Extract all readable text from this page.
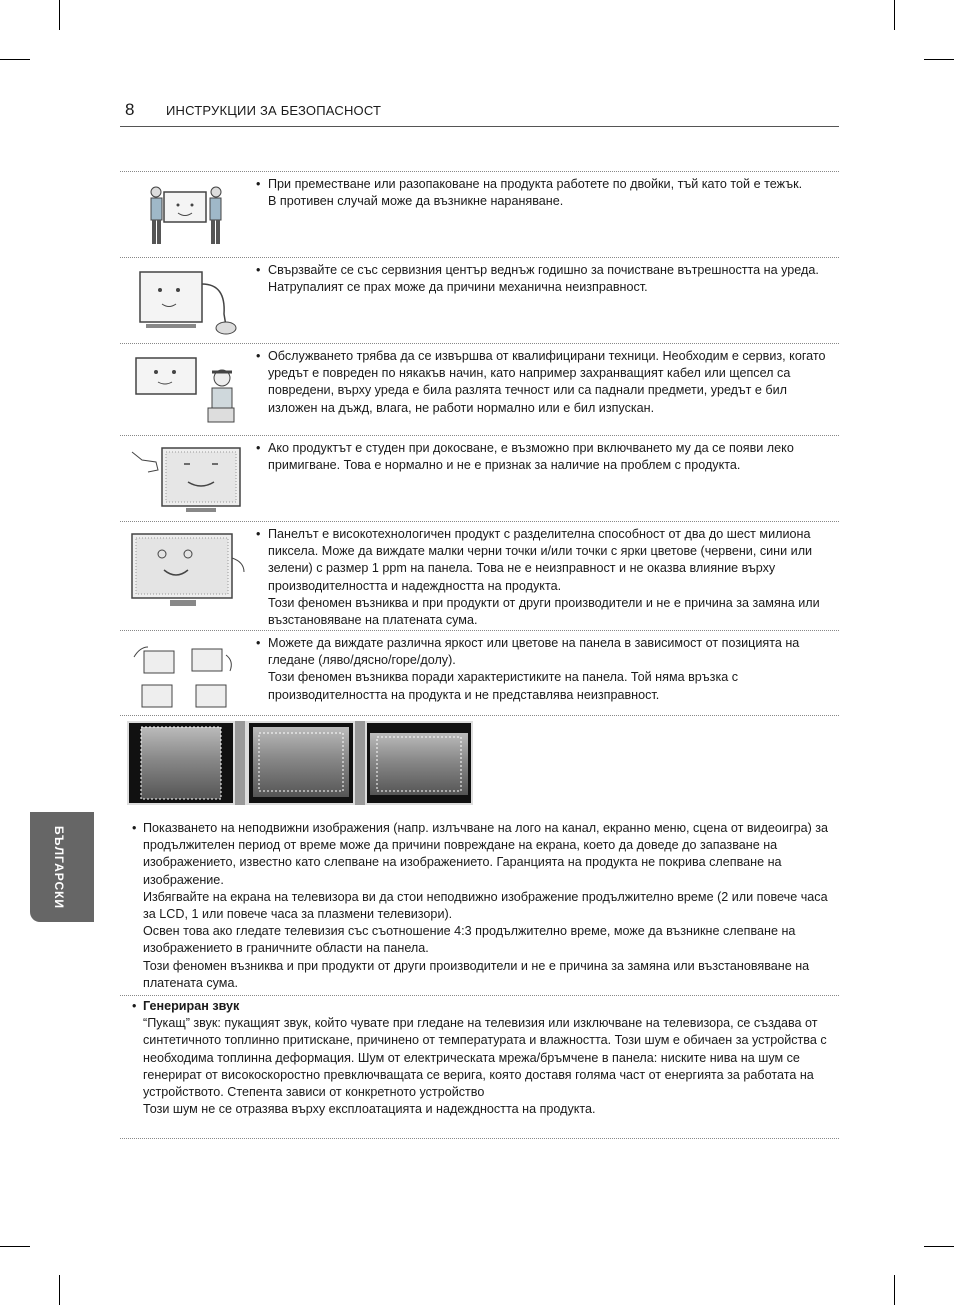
8 ИНСТРУКЦИИ ЗА БЕЗОПАСНОСТ
БЪЛГАРСКИ
• При преместване или разопаковане на продукта работете по двойки, тъй като той е тежък.

В противен случай може да възникне нараняване.

• Свързвайте се със сервизния център веднъж годишно за почистване вътрешността на уреда.

Натрупалият се прах може да причини механична неизправност.

• Обслужването трябва да се извършва от квалифицирани техници. Необходим е сервиз, когато уредът е повреден по някакъв начин, като например захранващият кабел или щепсел са повредени, върху уреда е била разлята течност или са паднали предмети, уредът е бил изложен на дъжд, влага, не работи нормално или е бил изпускан.

• Ако продуктът е студен при докосване, е възможно при включването му да се появи леко примигване. Това е нормално и не е признак за наличие на проблем с продукта.

• Панелът е високотехнологичен продукт с разделителна способност от два до шест милиона пиксела. Може да виждате малки черни точки и/или точки с ярки цветове (червени, сини или зелени) с размер 1 ppm на панела. Това не е неизправност и не оказва влияние върху производителността и надеждността на продукта.

Този феномен възниква и при продукти от други производители и не е причина за замяна или възстановяване на платената сума.

• Можете да виждате различна яркост или цветове на панела в зависимост от позицията на гледане (ляво/дясно/горе/долу).

Този феномен възниква поради характеристиките на панела. Той няма връзка с производителността на продукта и не представлява неизправност.

• Показването на неподвижни изображения (напр. излъчване на лого на канал, екранно меню, сцена от видеоигра) за продължителен период от време може да причини повреждане на екрана, което да доведе до запазване на изображението, известно като слепване на изображението. Гаранцията на продукта не покрива слепване на изображение.

Избягвайте на екрана на телевизора ви да стои неподвижно изображение продължително време (2 или повече часа за LCD, 1 или повече часа за плазмени телевизори).

Освен това ако гледате телевизия със съотношение 4:3 продължително време, може да възникне слепване на изображението в граничните области на панела.

Този феномен възниква и при продукти от други производители и не е причина за замяна или възстановяване на платената сума.

• Генериран звук

“Пукащ” звук: пукащият звук, който чувате при гледане на телевизия или изключване на телевизора, се създава от синтетичното топлинно притискане, причинено от температурата и влажността. Този шум е обичаен за устройства с необходима топлинна деформация. Шум от електрическата мрежа/бръмчене в панела: ниските нива на шум се генерират от високоскоростно превключващата се верига, която доставя голяма част от енергията за работата на устройството. Степента зависи от конкретното устройство

Този шум не се отразява върху експлоатацията и надеждността на продукта.
